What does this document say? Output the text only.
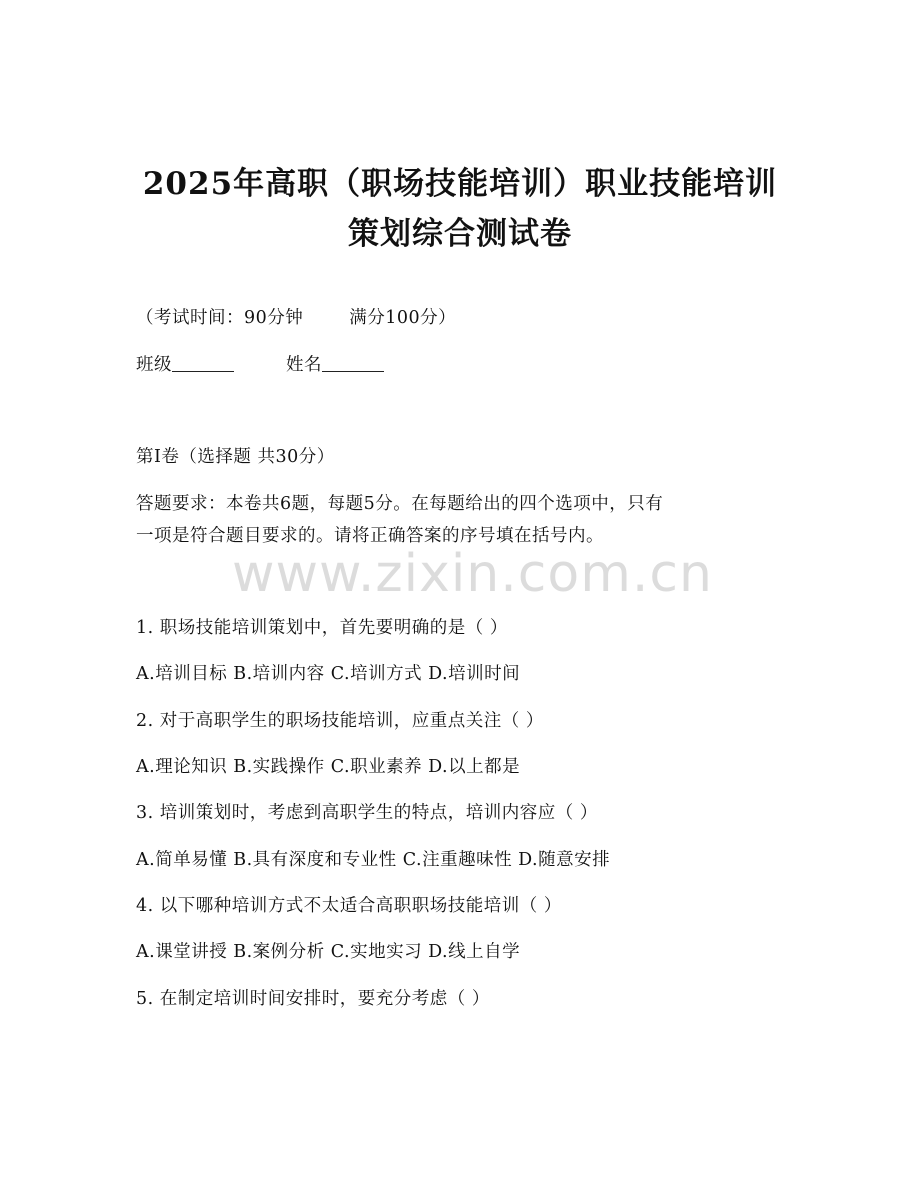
2025年高职（职场技能培训）职业技能培训
策划综合测试卷
（考试时间：90分钟	满分100分）
班级	姓名
第I卷（选择题 共30分）
答题要求：本卷共6题，每题5分。在每题给出的四个选项中，只有
一项是符合题目要求的。请将正确答案的序号填在括号内。
www.zixin.com.cn
1. 职场技能培训策划中，首先要明确的是（ ）
A.培训目标 B.培训内容 C.培训方式 D.培训时间
2. 对于高职学生的职场技能培训，应重点关注（ ）
A.理论知识 B.实践操作 C.职业素养 D.以上都是
3. 培训策划时，考虑到高职学生的特点，培训内容应（ ）
A.简单易懂 B.具有深度和专业性 C.注重趣味性 D.随意安排
4. 以下哪种培训方式不太适合高职职场技能培训（ ）
A.课堂讲授 B.案例分析 C.实地实习 D.线上自学
5. 在制定培训时间安排时，要充分考虑（ ）
